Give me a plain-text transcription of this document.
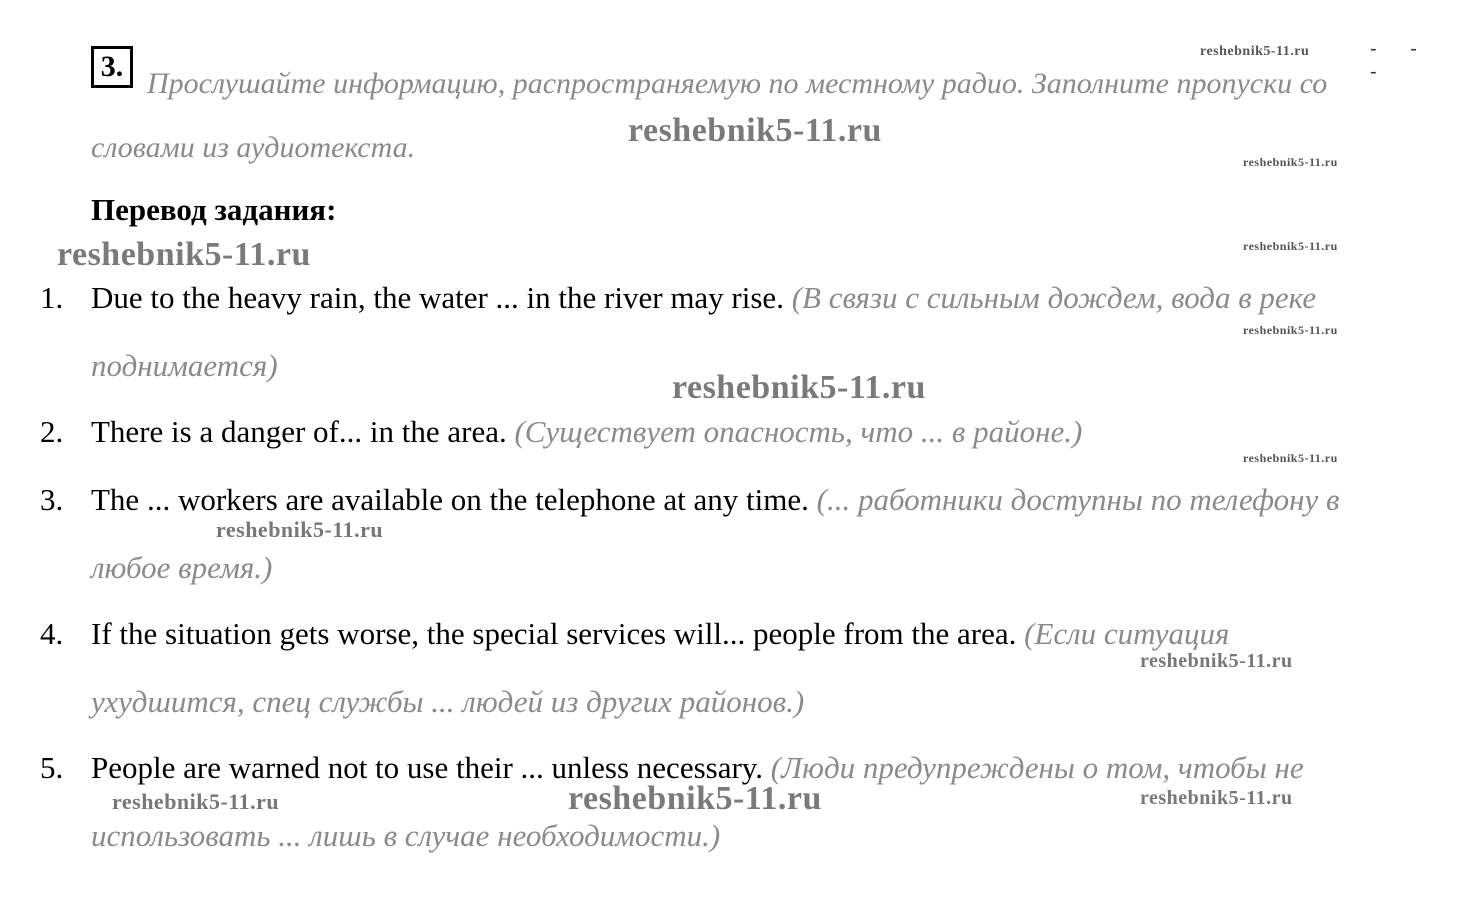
3.

Прослушайте информацию, распространяемую по местному радио. Заполните пропуски со словами из аудиотекста.

Перевод задания:
1. Due to the heavy rain, the water ... in the river may rise. (В связи с сильным дождем, вода в реке поднимается)
2. There is a danger of... in the area. (Существует опасность, что ... в районе.)
3. The ... workers are available on the telephone at any time. (... работники доступны по телефону в любое время.)
4. If the situation gets worse, the special services will... people from the area. (Если ситуация ухудшится, спец службы ... людей из других районов.)
5. People are warned not to use their ... unless necessary. (Люди предупреждены о том, чтобы не использовать ... лишь в случае необходимости.)
reshebnik5-11.ru	- - -
reshebnik5-11.ru
reshebnik5-11.ru
reshebnik5-11.ru	reshebnik5-11.ru
reshebnik5-11.ru
reshebnik5-11.ru
reshebnik5-11.ru
reshebnik5-11.ru
reshebnik5-11.ru
reshebnik5-11.ru	reshebnik5-11.ru	reshebnik5-11.ru
